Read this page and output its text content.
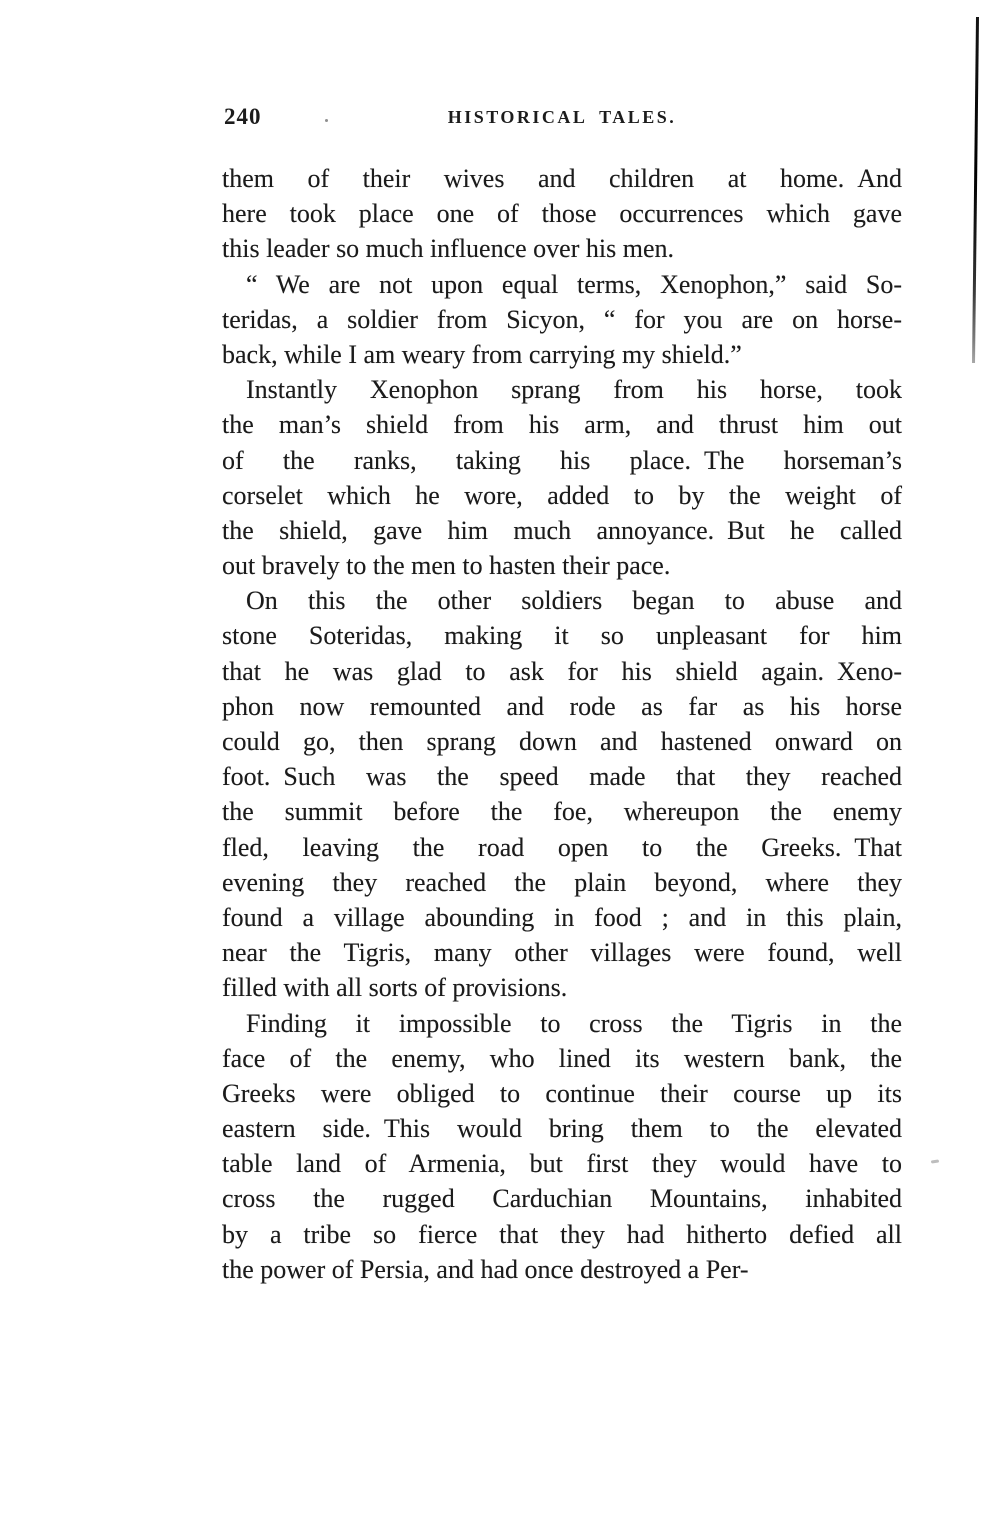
240	HISTORICAL TALES.
them of their wives and children at home. And
here took place one of those occurrences which gave
this leader so much influence over his men.
“ We are not upon equal terms, Xenophon,” said So-
teridas, a soldier from Sicyon, “ for you are on horse-
back, while I am weary from carrying my shield.”
Instantly Xenophon sprang from his horse, took
the man’s shield from his arm, and thrust him out
of the ranks, taking his place. The horseman’s
corselet which he wore, added to by the weight of
the shield, gave him much annoyance. But he called
out bravely to the men to hasten their pace.
On this the other soldiers began to abuse and
stone Soteridas, making it so unpleasant for him
that he was glad to ask for his shield again. Xeno-
phon now remounted and rode as far as his horse
could go, then sprang down and hastened onward on
foot. Such was the speed made that they reached
the summit before the foe, whereupon the enemy
fled, leaving the road open to the Greeks. That
evening they reached the plain beyond, where they
found a village abounding in food ; and in this plain,
near the Tigris, many other villages were found, well
filled with all sorts of provisions.
Finding it impossible to cross the Tigris in the
face of the enemy, who lined its western bank, the
Greeks were obliged to continue their course up its
eastern side. This would bring them to the elevated
table land of Armenia, but first they would have to
cross the rugged Carduchian Mountains, inhabited
by a tribe so fierce that they had hitherto defied all
the power of Persia, and had once destroyed a Per-
